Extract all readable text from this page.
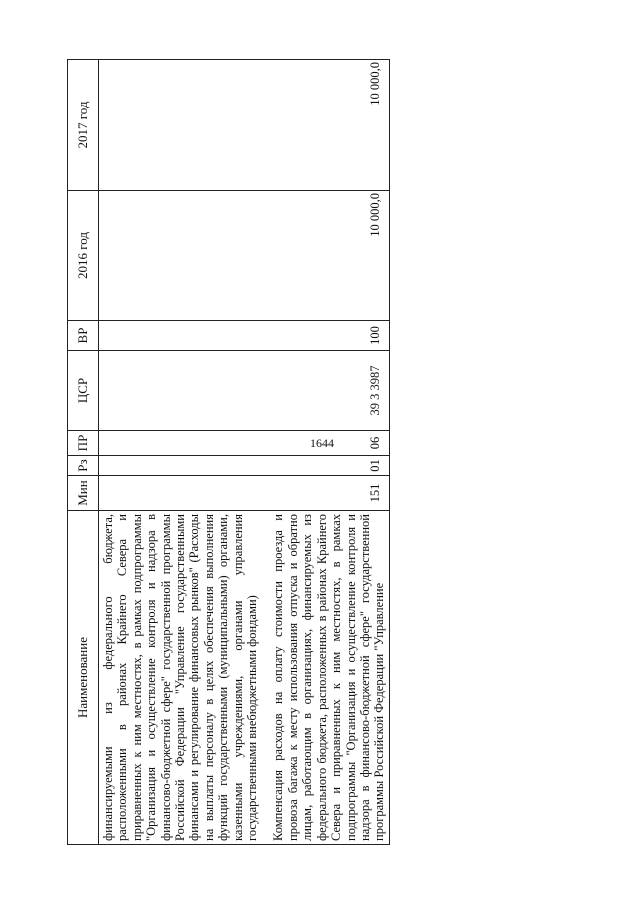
1644
Наименование	Мин	Рз	ПР	ЦСР	ВР	2016 год	2017 год
финансируемыми из федерального бюджета, расположенными в районах Крайнего Севера и приравненных к ним местностях, в рамках подпрограммы "Организация и осуществление контроля и надзора в финансово-бюджетной сфере" государственной программы Российской Федерации "Управление государственными финансами и регулирование финансовых рынков" (Расходы на выплаты персоналу в целях обеспечения выполнения функций государственными (муниципальными) органами, казенными учреждениями, органами управления государственными внебюджетными фондами)							

Компенсация расходов на оплату стоимости проезда и провоза багажа к месту использования отпуска и обратно лицам, работающим в организациях, финансируемых из федерального бюджета, расположенных в районах Крайнего Севера и приравненных к ним местностях, в рамках подпрограммы "Организация и осуществление контроля и надзора в финансово-бюджетной сфере" государственной программы Российской Федерации "Управление	151	01	06	39 3 3987	100	10 000,0	10 000,0
